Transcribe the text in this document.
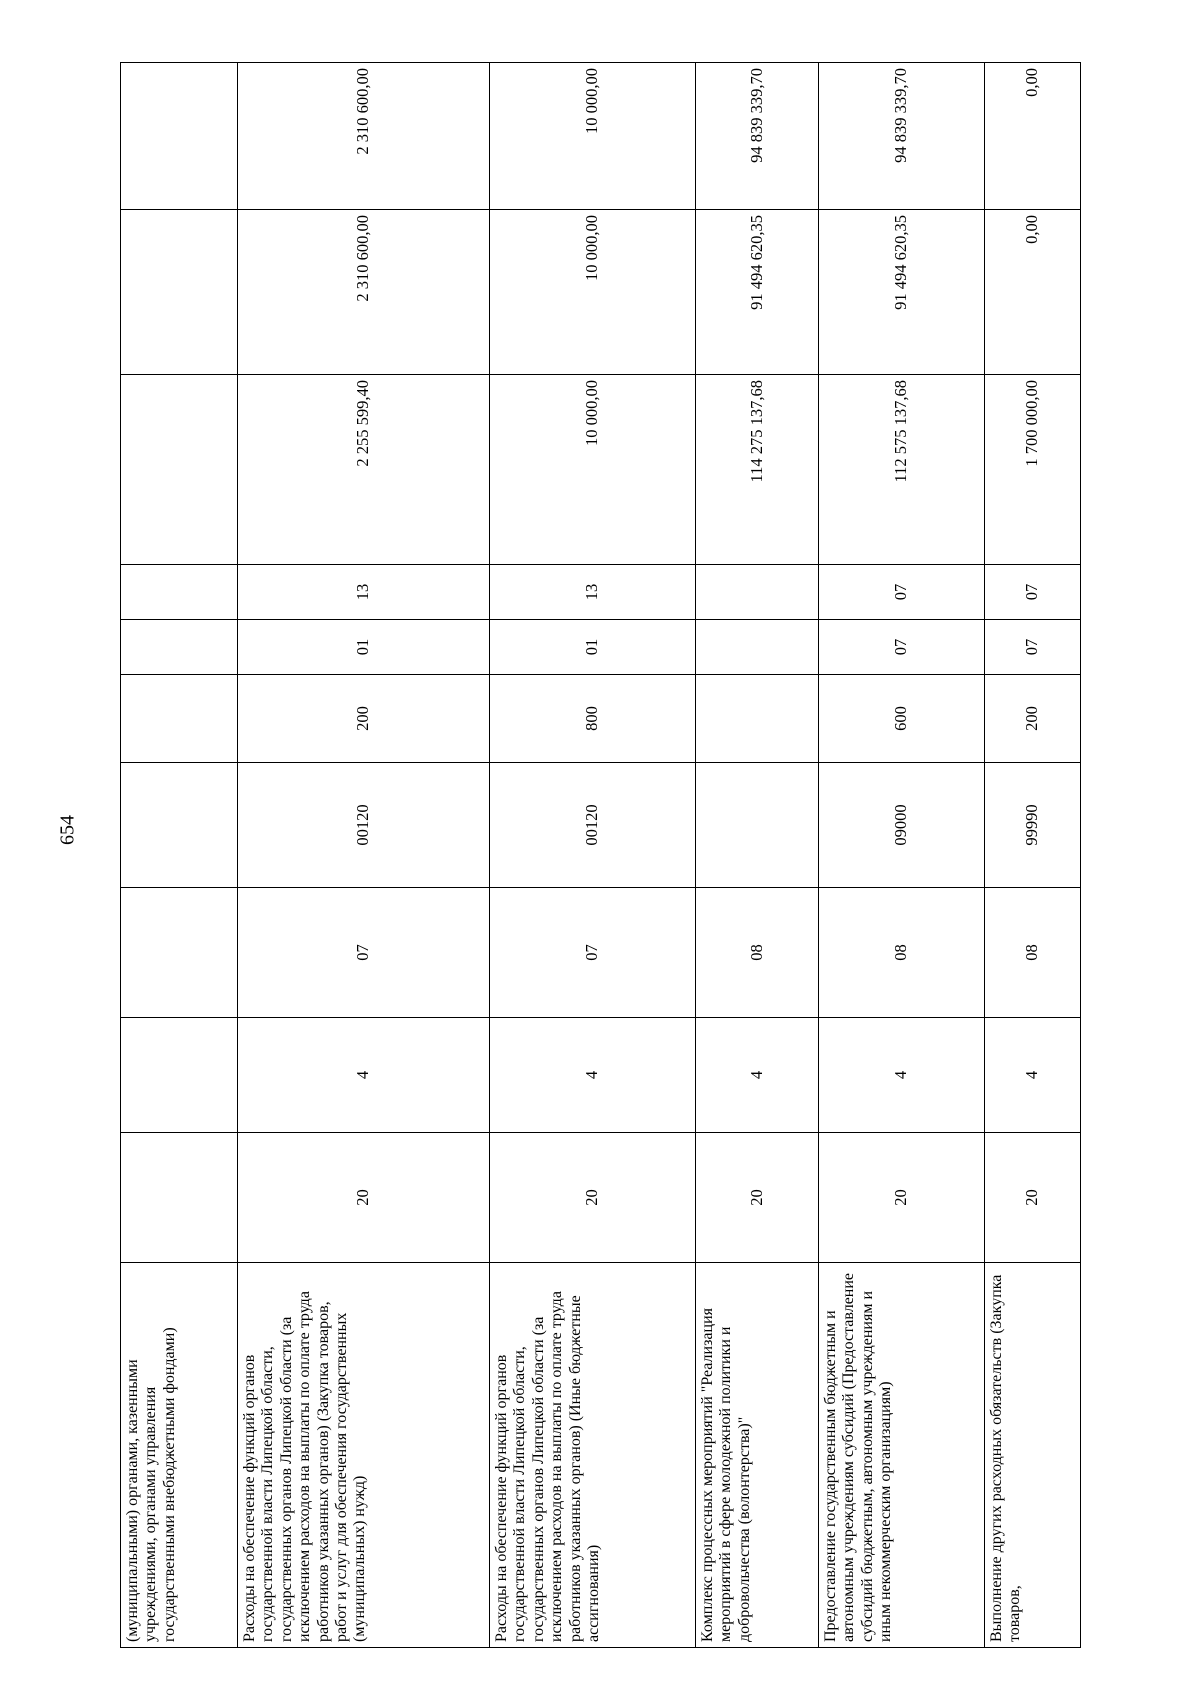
654
(муниципальными) органами, казенными учреждениями, органами управления государственными внебюджетными фондами)										
Расходы на обеспечение функций органов государственной власти Липецкой области, государственных органов Липецкой области (за исключением расходов на выплаты по оплате труда работников указанных органов) (Закупка товаров, работ и услуг для обеспечения государственных (муниципальных) нужд)	20	4	07	00120	200	01	13	2 255 599,40	2 310 600,00	2 310 600,00
Расходы на обеспечение функций органов государственной власти Липецкой области, государственных органов Липецкой области (за исключением расходов на выплаты по оплате труда работников указанных органов) (Иные бюджетные ассигнования)	20	4	07	00120	800	01	13	10 000,00	10 000,00	10 000,00
Комплекс процессных мероприятий "Реализация мероприятий в сфере молодежной политики и добровольчества (волонтерства)"	20	4	08					114 275 137,68	91 494 620,35	94 839 339,70
Предоставление государственным бюджетным и автономным учреждениям субсидий (Предоставление субсидий бюджетным, автономным учреждениям и иным некоммерческим организациям)	20	4	08	09000	600	07	07	112 575 137,68	91 494 620,35	94 839 339,70
Выполнение других расходных обязательств (Закупка товаров,	20	4	08	99990	200	07	07	1 700 000,00	0,00	0,00
